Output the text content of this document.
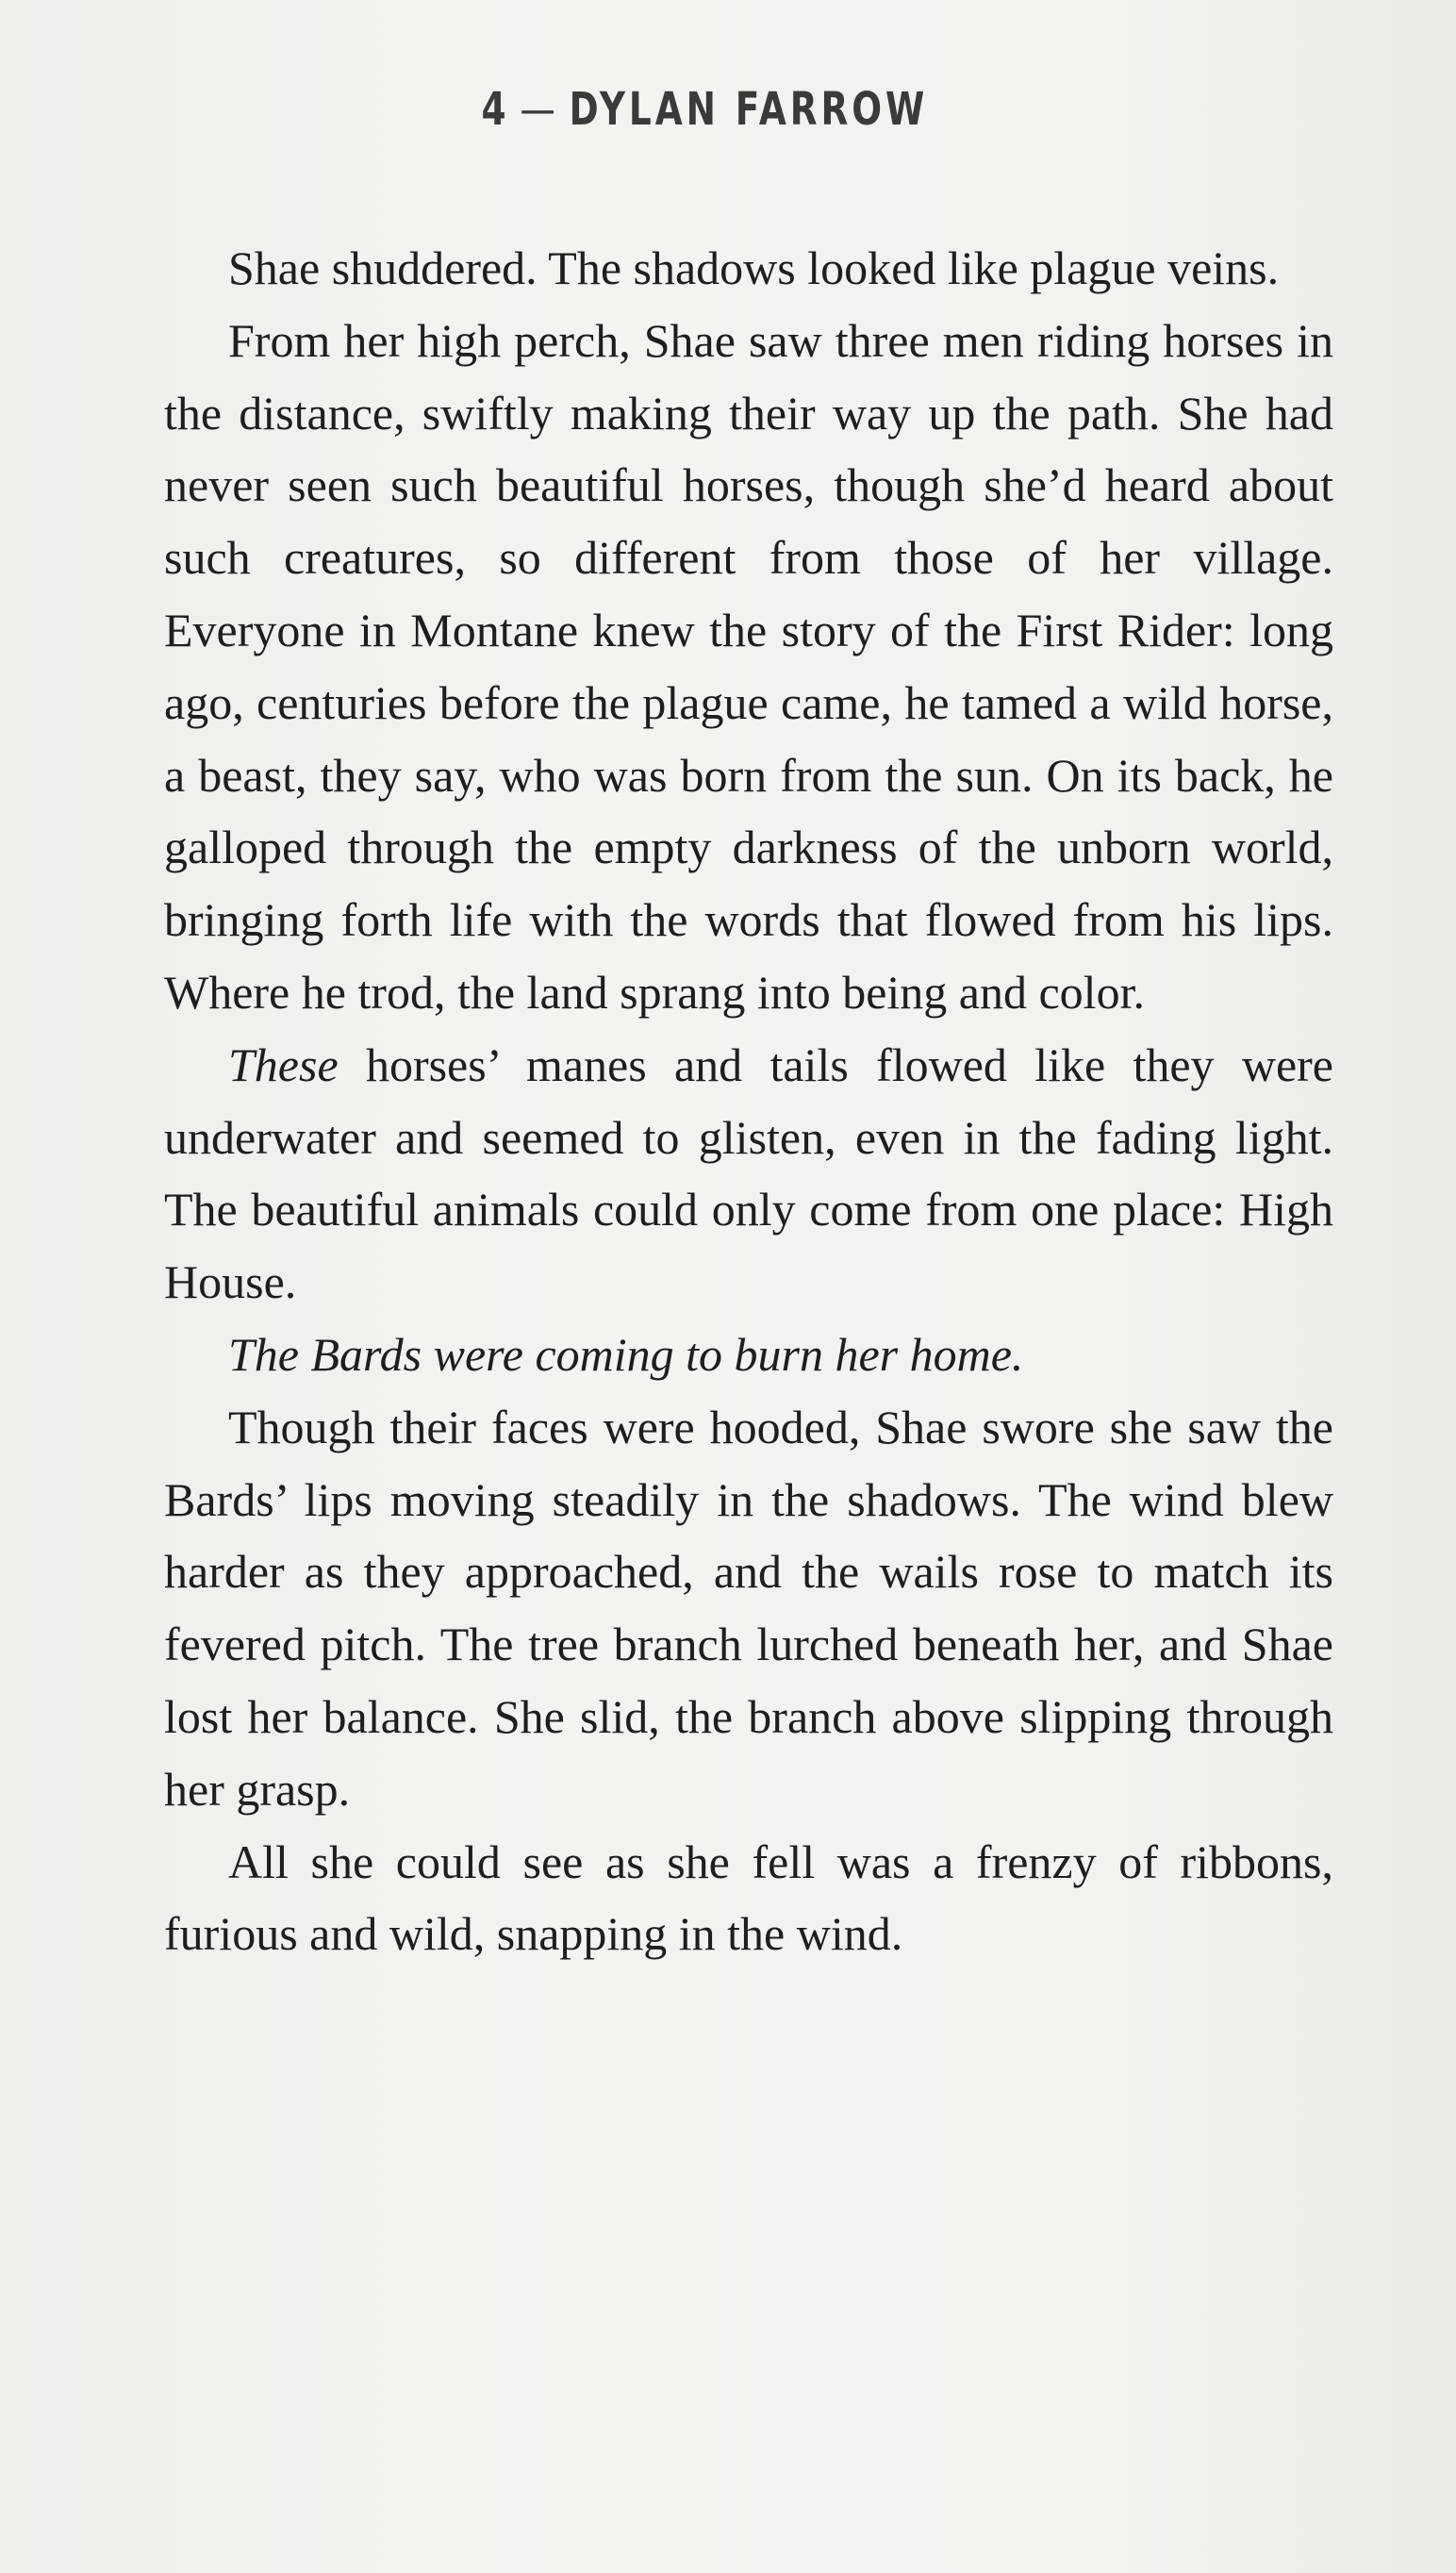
4 — DYLAN FARROW

Shae shuddered. The shadows looked like plague veins.

From her high perch, Shae saw three men riding horses in the distance, swiftly making their way up the path. She had never seen such beautiful horses, though she’d heard about such creatures, so different from those of her village. Everyone in Montane knew the story of the First Rider: long ago, centuries before the plague came, he tamed a wild horse, a beast, they say, who was born from the sun. On its back, he galloped through the empty darkness of the unborn world, bringing forth life with the words that flowed from his lips. Where he trod, the land sprang into being and color.

These horses’ manes and tails flowed like they were underwater and seemed to glisten, even in the fading light. The beautiful animals could only come from one place: High House.

The Bards were coming to burn her home.

Though their faces were hooded, Shae swore she saw the Bards’ lips moving steadily in the shadows. The wind blew harder as they approached, and the wails rose to match its fevered pitch. The tree branch lurched beneath her, and Shae lost her balance. She slid, the branch above slipping through her grasp.

All she could see as she fell was a frenzy of ribbons, furious and wild, snapping in the wind.
